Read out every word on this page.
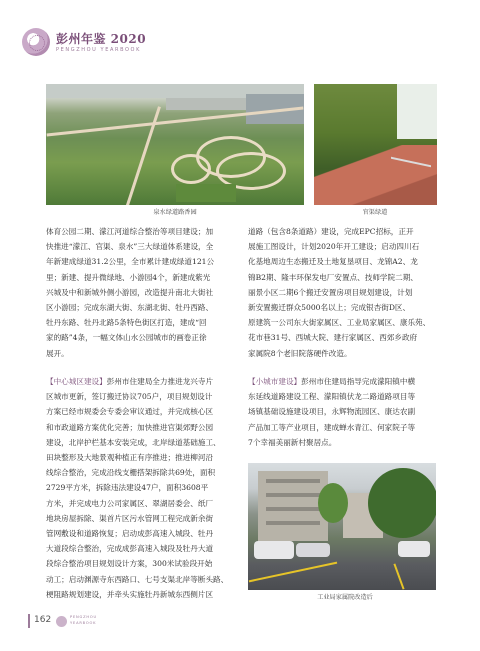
彭州年鉴 2020
PENGZHOU YEARBOOK
泉水绿道路香园	官渠绿道

体育公园二期、濛江河道综合整治等项目建设；加

快推进“濛江、官渠、泉水”三大绿道体系建设，全

年新建成绿道31.2公里，全市累计建成绿道121公

里；新建、提升微绿地、小游园4个，新建成紫光

兴城及中和新城外侧小游园，改造提升南北大街社

区小游园；完成东湖大街、东湖北街、牡丹西路、

牡丹东路、牡丹北路5条特色街区打造，建成“回

家的路”4条，一幅文体山水公园城市的画卷正徐

展开。

道路（包含8条道路）建设，完成EPC招标，正开

展施工图设计，计划2020年开工建设；启动四川石

化基地周边生态搬迁及土地复垦项目、龙锦A2、龙

锦B2期、隆丰环保发电厂安置点、技师学院二期、

丽景小区二期6个搬迁安置房项目规划建设，计划

新安置搬迁群众5000名以上；完成银杏街D区、

原建筑一公司东大街家属区、工业局家属区、康乐苑、

花市巷31号、西城大院、建行家属区、西郊乡政府

家属院8个老旧院落硬件改造。

【中心城区建设】彭州市住建局全力推进龙兴寺片

区城市更新，签订搬迁协议705户，项目规划设计

方案已经市规委会专委会审议通过，并完成核心区

和市政道路方案优化完善；加快推进官渠郊野公园

建设，北岸护栏基本安装完成，北岸绿道基础施工、

田块整形及大地景观种植正有序推进；推进柳河沿

线综合整治，完成沿线支栅搭架拆除共69处，面积

2729平方米，拆除违法建设47户，面积3608平

方米，并完成电力公司家属区、翠湖居委会、纸厂

地块房屋拆除、渠首片区污水管网工程完成新余街

管网敷设和道路恢复；启动成彭高速入城段、牡丹

大道段综合整治，完成成彭高速入城段及牡丹大道

段综合整治项目规划设计方案，300米试验段开始

动工；启动渊源寺东西路口、七号支渠北岸等断头路、

梗阻路规划建设，并牵头实施牡丹新城东西侧片区

【小城市建设】彭州市住建局指导完成濛阳镇中横

东延线道路建设工程、濛阳镇伏龙二路道路项目等

场镇基础设施建设项目，永辉物流园区、康达农副

产品加工等产业项目，建成蝉水青江、何家院子等

7个幸福美丽新村聚居点。

工业局家属院改造后
162	PENGZHOU
YEARBOOK
